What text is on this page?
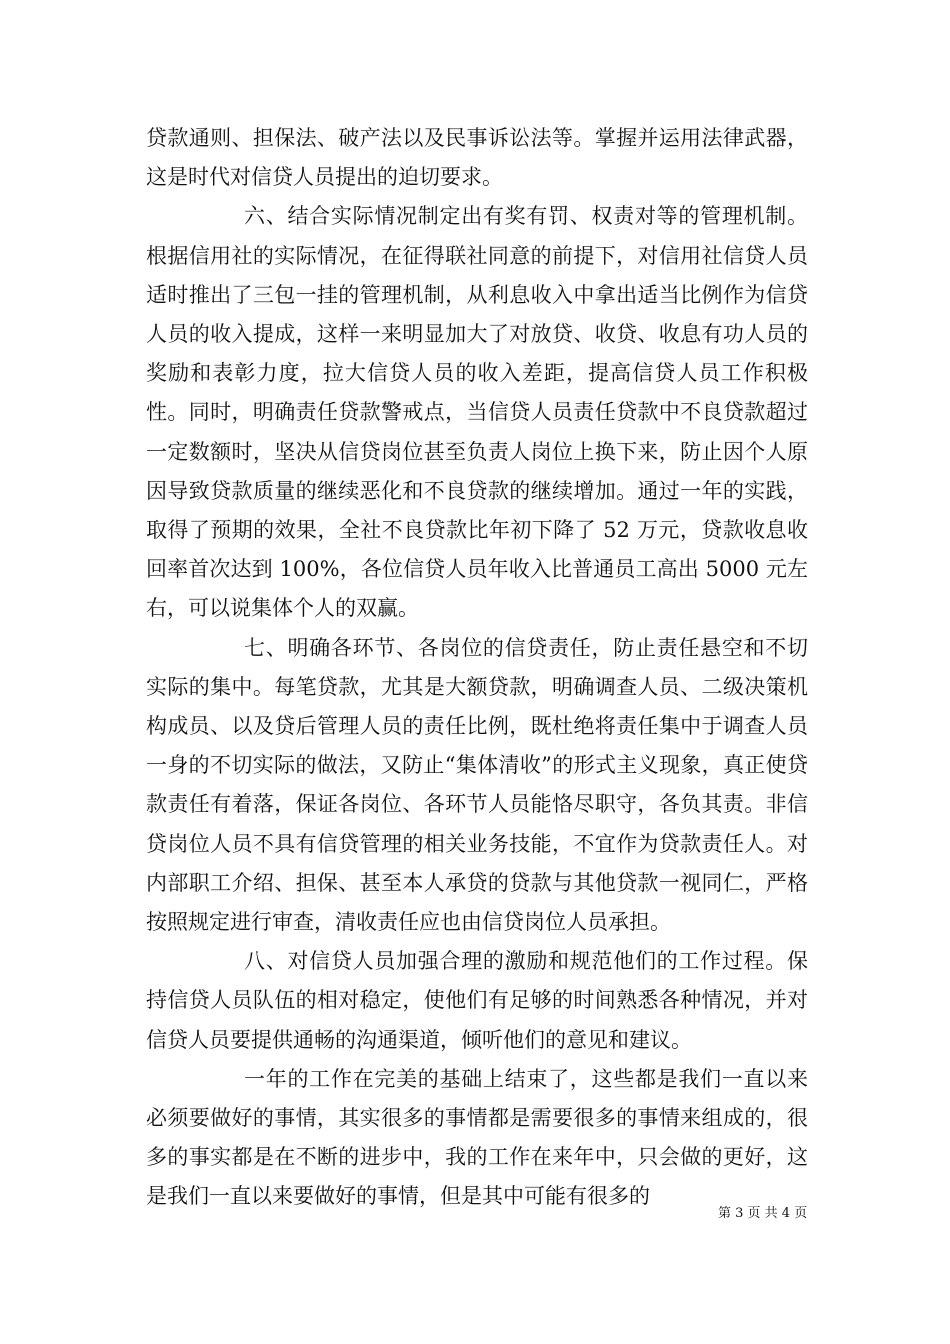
贷款通则、担保法、破产法以及民事诉讼法等。掌握并运用法律武器，这是时代对信贷人员提出的迫切要求。

六、结合实际情况制定出有奖有罚、权责对等的管理机制。根据信用社的实际情况，在征得联社同意的前提下，对信用社信贷人员适时推出了三包一挂的管理机制，从利息收入中拿出适当比例作为信贷人员的收入提成，这样一来明显加大了对放贷、收贷、收息有功人员的奖励和表彰力度，拉大信贷人员的收入差距，提高信贷人员工作积极性。同时，明确责任贷款警戒点，当信贷人员责任贷款中不良贷款超过一定数额时，坚决从信贷岗位甚至负责人岗位上换下来，防止因个人原因导致贷款质量的继续恶化和不良贷款的继续增加。通过一年的实践，取得了预期的效果，全社不良贷款比年初下降了 52 万元，贷款收息收回率首次达到 100%，各位信贷人员年收入比普通员工高出 5000 元左右，可以说集体个人的双赢。

七、明确各环节、各岗位的信贷责任，防止责任悬空和不切实际的集中。每笔贷款，尤其是大额贷款，明确调查人员、二级决策机构成员、以及贷后管理人员的责任比例，既杜绝将责任集中于调查人员一身的不切实际的做法，又防止“集体清收”的形式主义现象，真正使贷款责任有着落，保证各岗位、各环节人员能恪尽职守，各负其责。非信贷岗位人员不具有信贷管理的相关业务技能，不宜作为贷款责任人。对内部职工介绍、担保、甚至本人承贷的贷款与其他贷款一视同仁，严格按照规定进行审查，清收责任应也由信贷岗位人员承担。

八、对信贷人员加强合理的激励和规范他们的工作过程。保持信贷人员队伍的相对稳定，使他们有足够的时间熟悉各种情况，并对信贷人员要提供通畅的沟通渠道，倾听他们的意见和建议。

一年的工作在完美的基础上结束了，这些都是我们一直以来必须要做好的事情，其实很多的事情都是需要很多的事情来组成的，很多的事实都是在不断的进步中，我的工作在来年中，只会做的更好，这是我们一直以来要做好的事情，但是其中可能有很多的

第 3 页 共 4 页
